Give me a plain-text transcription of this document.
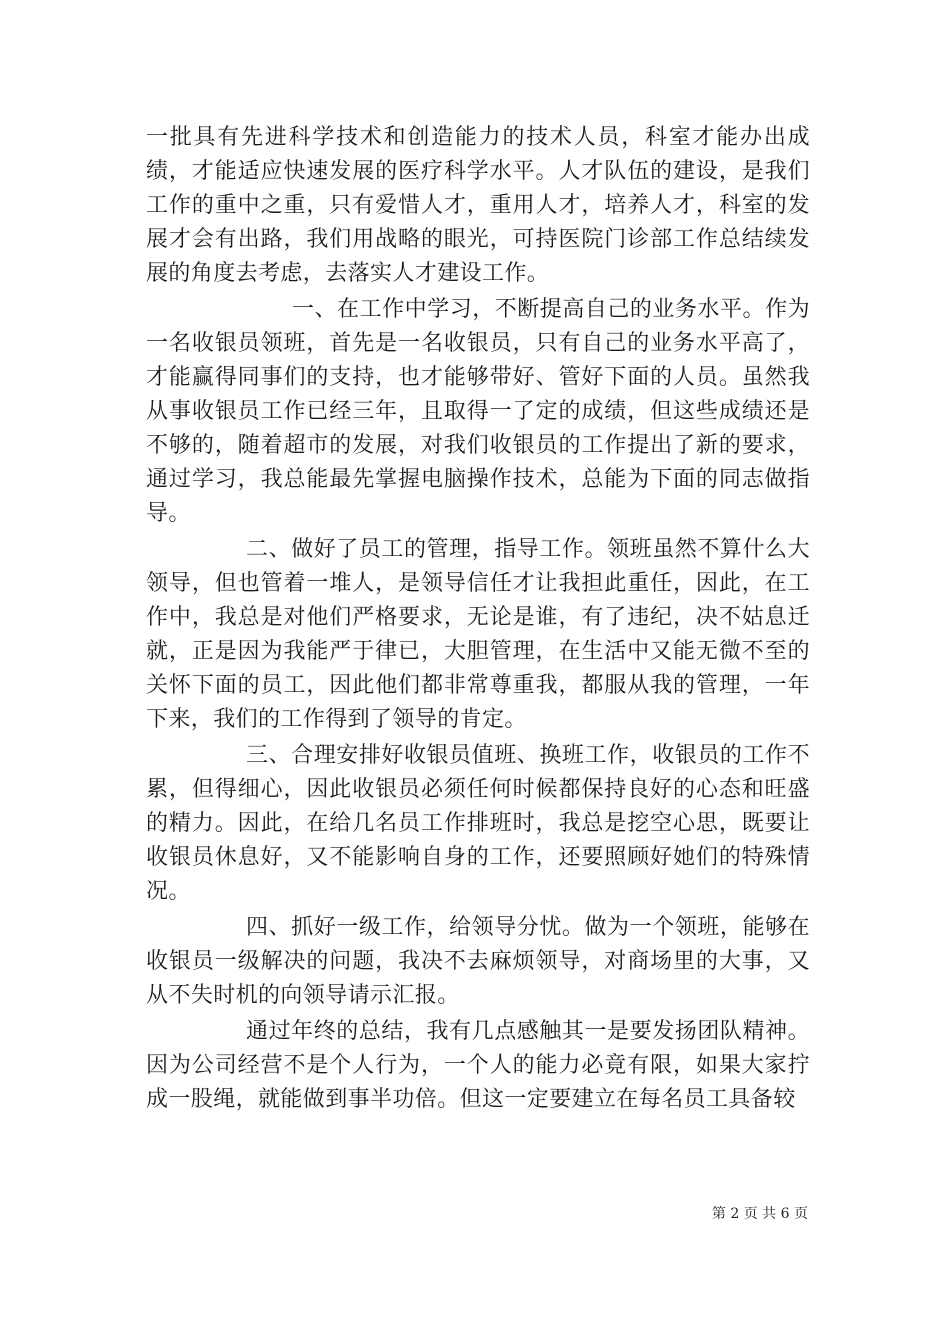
一批具有先进科学技术和创造能力的技术人员，科室才能办出成绩，才能适应快速发展的医疗科学水平。人才队伍的建设，是我们工作的重中之重，只有爱惜人才，重用人才，培养人才，科室的发展才会有出路，我们用战略的眼光，可持医院门诊部工作总结续发展的角度去考虑，去落实人才建设工作。

一、在工作中学习，不断提高自己的业务水平。作为一名收银员领班，首先是一名收银员，只有自己的业务水平高了，才能赢得同事们的支持，也才能够带好、管好下面的人员。虽然我从事收银员工作已经三年，且取得一了定的成绩，但这些成绩还是不够的，随着超市的发展，对我们收银员的工作提出了新的要求，通过学习，我总能最先掌握电脑操作技术，总能为下面的同志做指导。

二、做好了员工的管理，指导工作。领班虽然不算什么大领导，但也管着一堆人，是领导信任才让我担此重任，因此，在工作中，我总是对他们严格要求，无论是谁，有了违纪，决不姑息迁就，正是因为我能严于律已，大胆管理，在生活中又能无微不至的关怀下面的员工，因此他们都非常尊重我，都服从我的管理，一年下来，我们的工作得到了领导的肯定。

三、合理安排好收银员值班、换班工作，收银员的工作不累，但得细心，因此收银员必须任何时候都保持良好的心态和旺盛的精力。因此，在给几名员工作排班时，我总是挖空心思，既要让收银员休息好，又不能影响自身的工作，还要照顾好她们的特殊情况。

四、抓好一级工作，给领导分忧。做为一个领班，能够在收银员一级解决的问题，我决不去麻烦领导，对商场里的大事，又从不失时机的向领导请示汇报。

通过年终的总结，我有几点感触其一是要发扬团队精神。因为公司经营不是个人行为，一个人的能力必竟有限，如果大家拧成一股绳，就能做到事半功倍。但这一定要建立在每名员工具备较

第 2 页 共 6 页
